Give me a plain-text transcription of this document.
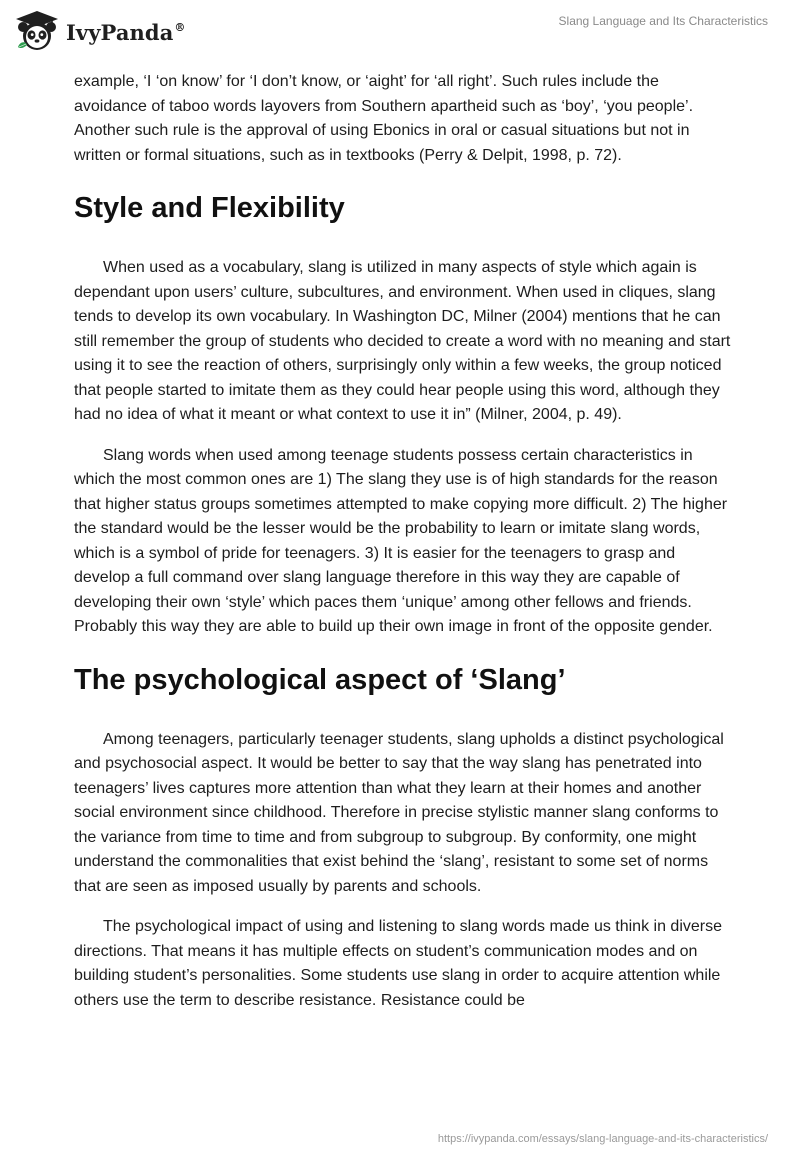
IvyPanda®	Slang Language and Its Characteristics

example, ‘I ‘on know’ for ‘I don’t know, or ‘aight’ for ‘all right’. Such rules include the avoidance of taboo words layovers from Southern apartheid such as ‘boy’, ‘you people’. Another such rule is the approval of using Ebonics in oral or casual situations but not in written or formal situations, such as in textbooks (Perry & Delpit, 1998, p. 72).

Style and Flexibility

When used as a vocabulary, slang is utilized in many aspects of style which again is dependant upon users’ culture, subcultures, and environment. When used in cliques, slang tends to develop its own vocabulary. In Washington DC, Milner (2004) mentions that he can still remember the group of students who decided to create a word with no meaning and start using it to see the reaction of others, surprisingly only within a few weeks, the group noticed that people started to imitate them as they could hear people using this word, although they had no idea of what it meant or what context to use it in” (Milner, 2004, p. 49).

Slang words when used among teenage students possess certain characteristics in which the most common ones are 1) The slang they use is of high standards for the reason that higher status groups sometimes attempted to make copying more difficult. 2) The higher the standard would be the lesser would be the probability to learn or imitate slang words, which is a symbol of pride for teenagers. 3) It is easier for the teenagers to grasp and develop a full command over slang language therefore in this way they are capable of developing their own ‘style’ which paces them ‘unique’ among other fellows and friends. Probably this way they are able to build up their own image in front of the opposite gender.

The psychological aspect of ‘Slang’

Among teenagers, particularly teenager students, slang upholds a distinct psychological and psychosocial aspect. It would be better to say that the way slang has penetrated into teenagers’ lives captures more attention than what they learn at their homes and another social environment since childhood. Therefore in precise stylistic manner slang conforms to the variance from time to time and from subgroup to subgroup. By conformity, one might understand the commonalities that exist behind the ‘slang’, resistant to some set of norms that are seen as imposed usually by parents and schools.

The psychological impact of using and listening to slang words made us think in diverse directions. That means it has multiple effects on student’s communication modes and on building student’s personalities. Some students use slang in order to acquire attention while others use the term to describe resistance. Resistance could be

https://ivypanda.com/essays/slang-language-and-its-characteristics/
